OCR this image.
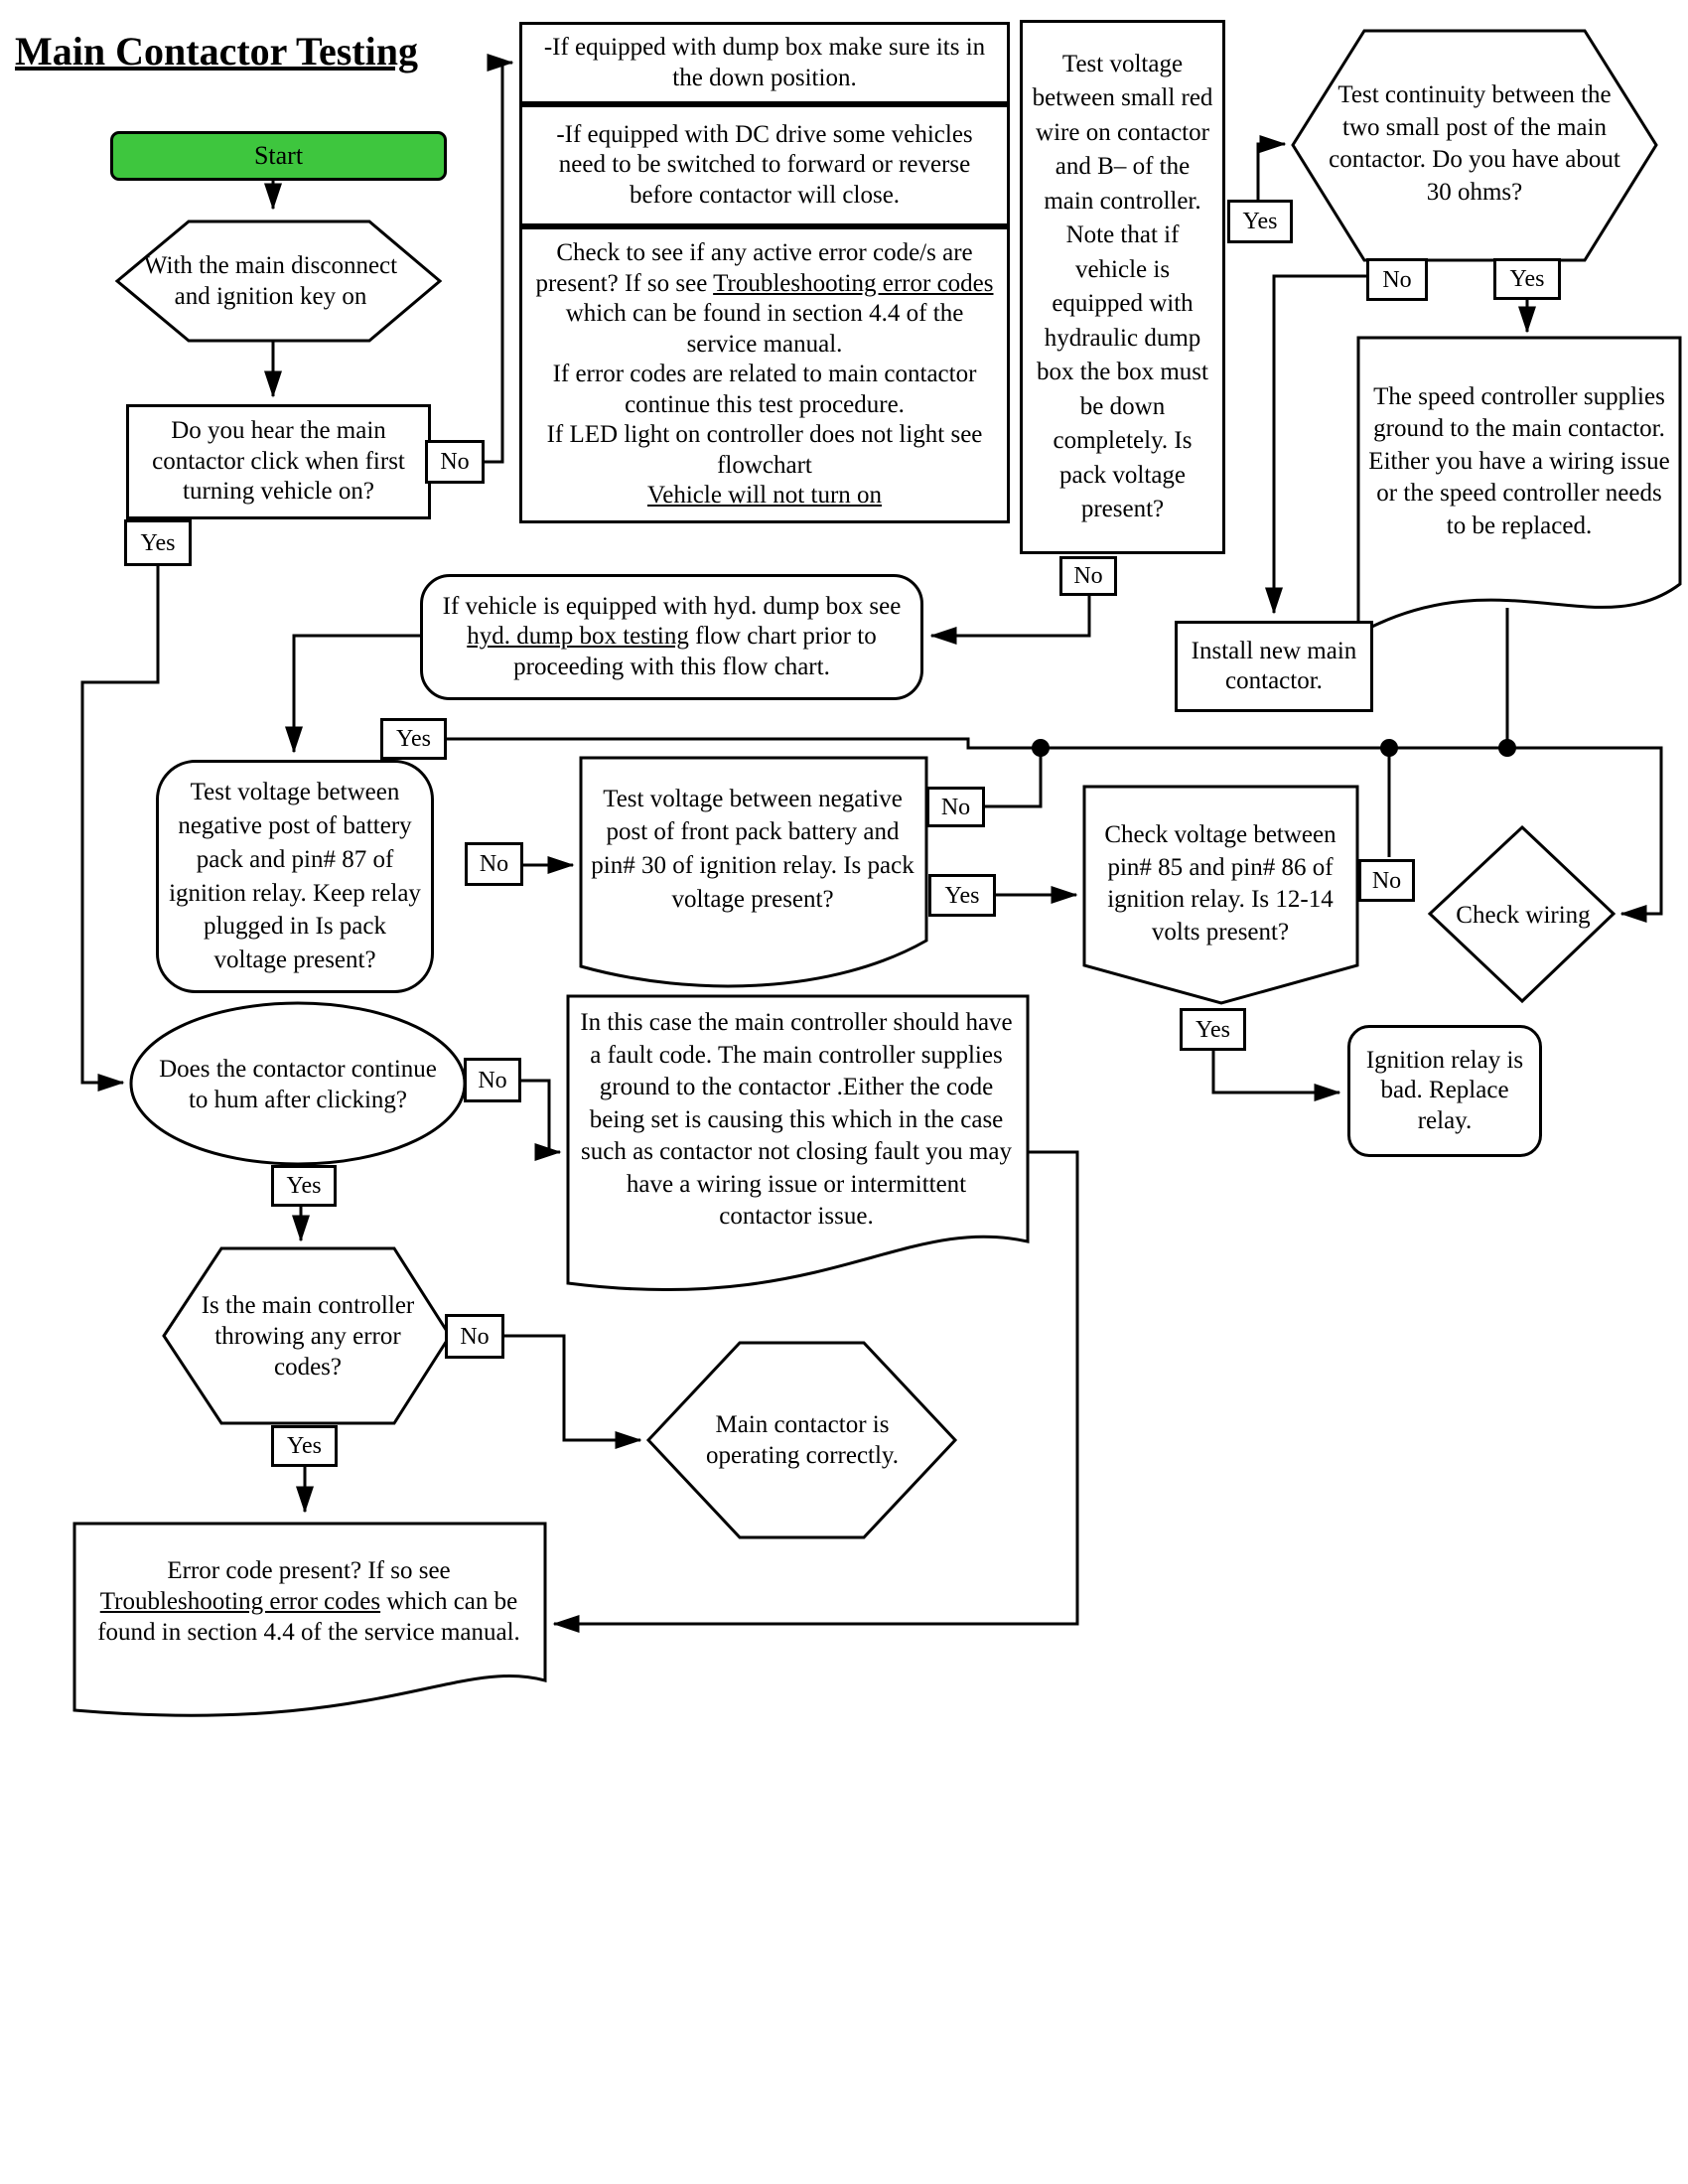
Main Contactor Testing
Start
Do you hear the main contactor click when first turning vehicle on?
-If equipped with dump box make sure its in the down position.
-If equipped with DC drive some vehicles need to be switched to forward or reverse before contactor will close.
Check to see if any active error code/s are present? If so see Troubleshooting error codes which can be found in section 4.4 of the service manual.
If error codes are related to main contactor continue this test procedure.
If LED light on controller does not light see flowchart
Vehicle will not turn on
Test voltage between small red wire on contactor and B– of the main controller. Note that if vehicle is equipped with hydraulic dump box the box must be down completely. Is pack voltage present?
Install new main contactor.
If vehicle is equipped with hyd. dump box see hyd. dump box testing flow chart prior to proceeding with this flow chart.
Test voltage between negative post of battery pack and pin# 87 of ignition relay. Keep relay plugged in Is pack voltage present?
Ignition relay is bad. Replace relay.
With the main disconnect and ignition key on
Test continuity between the two small post of the main contactor. Do you have about 30 ohms?
The speed controller supplies ground to the main contactor. Either you have a wiring issue or the speed controller needs to be replaced.
Test voltage between negative post of front pack battery and pin# 30 of ignition relay. Is pack voltage present?
Check voltage between pin# 85 and pin# 86 of ignition relay. Is 12-14 volts present?
Check wiring
Does the contactor continue to hum after clicking?
In this case the main controller should have a fault code. The main controller supplies ground to the contactor .Either the code being set is causing this which in the case such as contactor not closing fault you may have a wiring issue or intermittent contactor issue.
Is the main controller throwing any error codes?
Main contactor is operating correctly.
Error code present? If so see Troubleshooting error codes which can be found in section 4.4 of the service manual.
No
Yes
Yes
No	Yes
No
Yes
No
No
Yes
No
Yes
No
Yes
No
Yes
